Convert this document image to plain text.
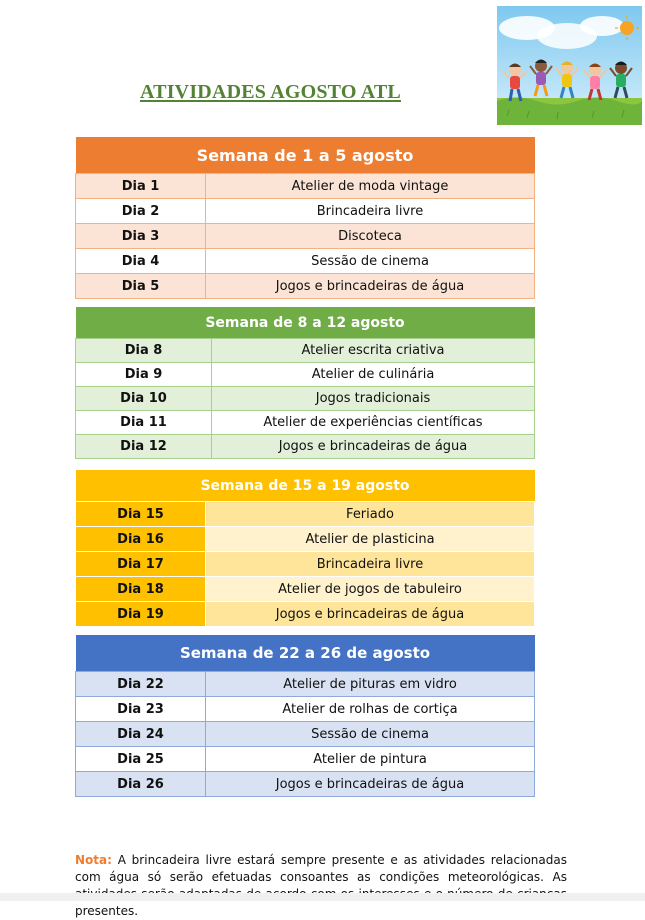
ATIVIDADES AGOSTO ATL
Semana de 1 a 5 agosto	
Dia 1	Atelier de moda vintage
Dia 2	Brincadeira livre
Dia 3	Discoteca
Dia 4	Sessão de cinema
Dia 5	Jogos e brincadeiras de água
Semana de 8 a 12 agosto	
Dia 8	Atelier escrita criativa
Dia 9	Atelier de culinária
Dia 10	Jogos tradicionais
Dia 11	Atelier de experiências científicas
Dia 12	Jogos e brincadeiras de água
Semana de 15 a 19 agosto	
Dia 15	Feriado
Dia 16	Atelier de plasticina
Dia 17	Brincadeira livre
Dia 18	Atelier de jogos de tabuleiro
Dia 19	Jogos e brincadeiras de água
Semana de 22 a 26 de agosto	
Dia 22	Atelier de pituras em vidro
Dia 23	Atelier de rolhas de cortiça
Dia 24	Sessão de cinema
Dia 25	Atelier de pintura
Dia 26	Jogos e brincadeiras de água

Nota: A brincadeira livre estará sempre presente e as atividades relacionadas com água só serão efetuadas consoantes as condições meteorológicas. As presentes.
